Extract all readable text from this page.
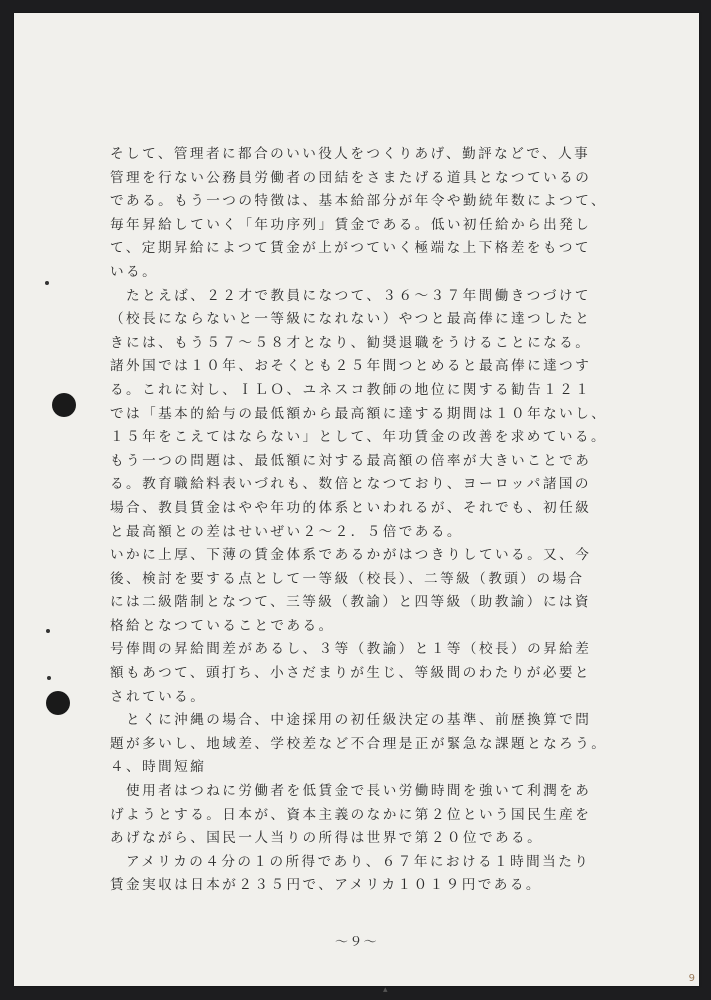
そして、管理者に都合のいい役人をつくりあげ、勤評などで、人事
管理を行ない公務員労働者の団結をさまたげる道具となつているの
である。もう一つの特徴は、基本給部分が年令や勤続年数によつて、
毎年昇給していく「年功序列」賃金である。低い初任給から出発し
て、定期昇給によつて賃金が上がつていく極端な上下格差をもつて
いる。
　たとえば、２２才で教員になつて、３６〜３７年間働きつづけて
（校長にならないと一等級になれない）やつと最高俸に達つしたと
きには、もう５７〜５８才となり、勧奨退職をうけることになる。
諸外国では１０年、おそくとも２５年間つとめると最高俸に達つす
る。これに対し、ＩＬＯ、ユネスコ教師の地位に関する勧告１２１
では「基本的給与の最低額から最高額に達する期間は１０年ないし、
１５年をこえてはならない」として、年功賃金の改善を求めている。
もう一つの問題は、最低額に対する最高額の倍率が大きいことであ
る。教育職給料表いづれも、数倍となつており、ヨーロッパ諸国の
場合、教員賃金はやや年功的体系といわれるが、それでも、初任級
と最高額との差はせいぜい２〜２．５倍である。
いかに上厚、下薄の賃金体系であるかがはつきりしている。又、今
後、検討を要する点として一等級（校長）、二等級（教頭）の場合
には二級階制となつて、三等級（教諭）と四等級（助教諭）には資
格給となつていることである。
号俸間の昇給間差があるし、３等（教諭）と１等（校長）の昇給差
額もあつて、頭打ち、小さだまりが生じ、等級間のわたりが必要と
されている。
　とくに沖縄の場合、中途採用の初任級決定の基準、前歴換算で問
題が多いし、地域差、学校差など不合理是正が緊急な課題となろう。
４、時間短縮
　使用者はつねに労働者を低賃金で長い労働時間を強いて利潤をあ
げようとする。日本が、資本主義のなかに第２位という国民生産を
あげながら、国民一人当りの所得は世界で第２０位である。
　アメリカの４分の１の所得であり、６７年における１時間当たり
賃金実収は日本が２３５円で、アメリカ１０１９円である。
〜９〜
▴
9
